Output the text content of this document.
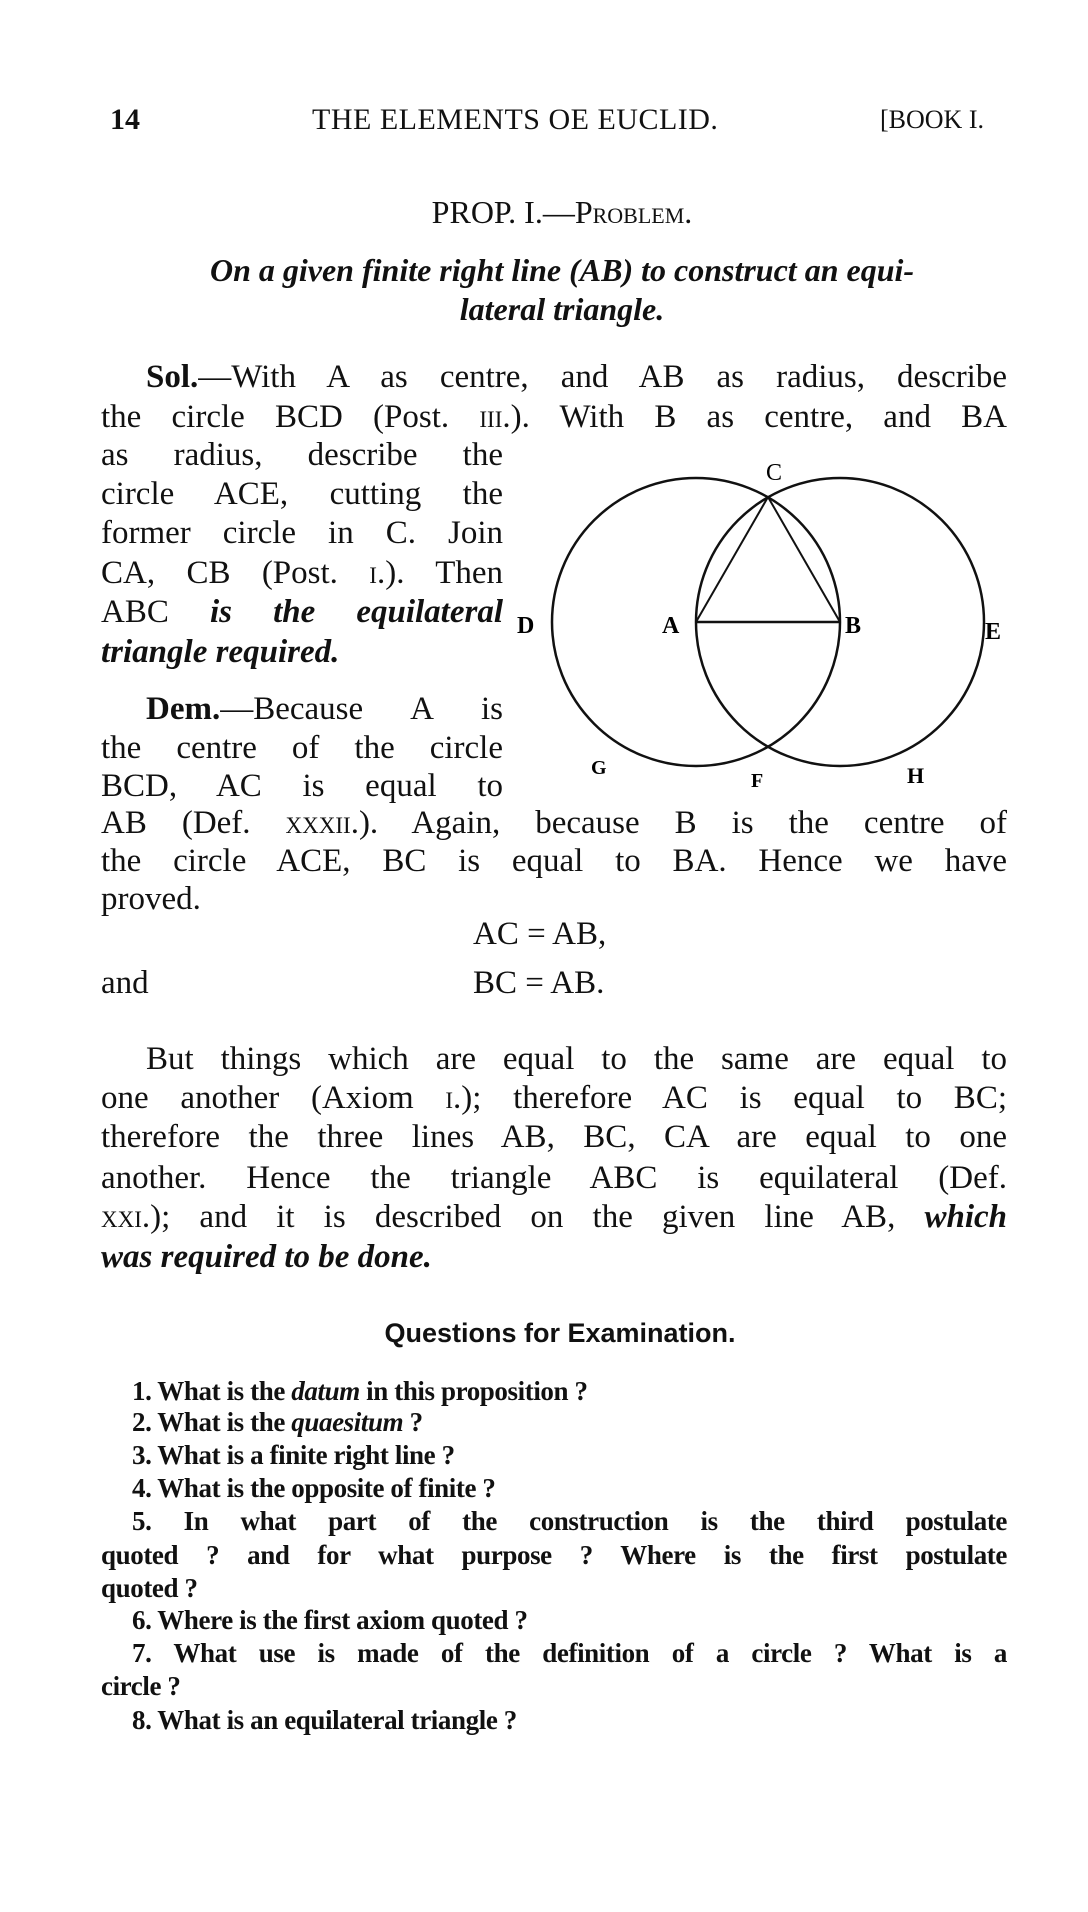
14	THE ELEMENTS OE EUCLID.	[BOOK I.
PROP. I.—Problem.
On a given finite right line (AB) to construct an equi-
lateral triangle.
Sol.—With A as centre, and AB as radius, describe
the circle BCD (Post. iii.). With B as centre, and BA
as radius, describe the
circle ACE, cutting the
former circle in C. Join
CA, CB (Post. i.). Then
ABC is the equilateral
triangle required.
Dem.—Because A is
the centre of the circle
BCD, AC is equal to
AB (Def. xxxii.). Again, because B is the centre of
the circle ACE, BC is equal to BA. Hence we have
proved.
AC = AB,
and	BC = AB.
But things which are equal to the same are equal to
one another (Axiom i.); therefore AC is equal to BC;
therefore the three lines AB, BC, CA are equal to one
another. Hence the triangle ABC is equilateral (Def.
xxi.); and it is described on the given line AB, which
was required to be done.
C
D	A	B	E
G
F	H
Questions for Examination.
1. What is the datum in this proposition ?
2. What is the quaesitum ?
3. What is a finite right line ?
4. What is the opposite of finite ?
5. In what part of the construction is the third postulate
quoted ? and for what purpose ? Where is the first postulate
quoted ?
6. Where is the first axiom quoted ?
7. What use is made of the definition of a circle ? What is a
circle ?
8. What is an equilateral triangle ?
